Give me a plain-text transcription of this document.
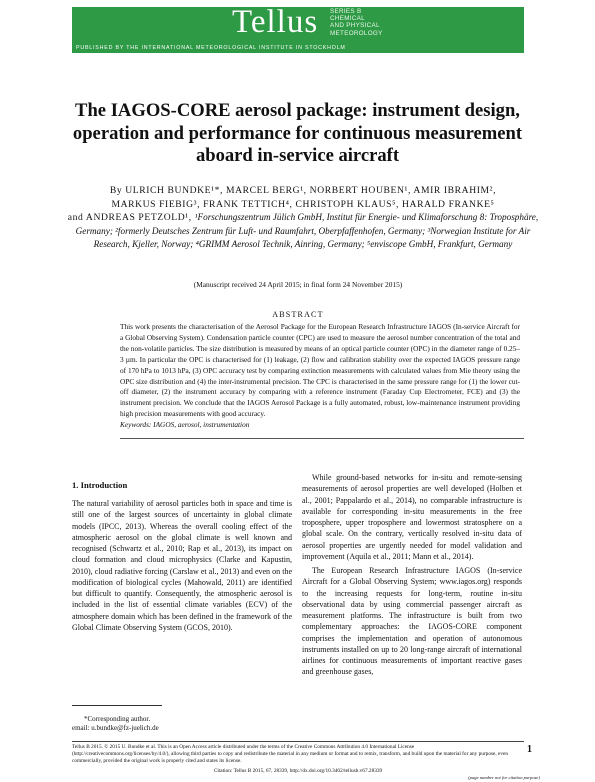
Tellus	SERIES B
CHEMICAL
AND PHYSICAL
METEOROLOGY
PUBLISHED BY THE INTERNATIONAL METEOROLOGICAL INSTITUTE IN STOCKHOLM
The IAGOS-CORE aerosol package: instrument design, operation and performance for continuous measurement aboard in-service aircraft
By ULRICH BUNDKE¹*, MARCEL BERG¹, NORBERT HOUBEN¹, AMIR IBRAHIM²,
MARKUS FIEBIG³, FRANK TETTICH⁴, CHRISTOPH KLAUS⁵, HARALD FRANKE⁵
and ANDREAS PETZOLD¹, ¹Forschungszentrum Jülich GmbH, Institut für Energie- und Klimaforschung 8: Troposphäre, Germany; ²formerly Deutsches Zentrum für Luft- und Raumfahrt, Oberpfaffenhofen, Germany; ³Norwegian Institute for Air Research, Kjeller, Norway; ⁴GRIMM Aerosol Technik, Ainring, Germany; ⁵enviscope GmbH, Frankfurt, Germany
(Manuscript received 24 April 2015; in final form 24 November 2015)
ABSTRACT
This work presents the characterisation of the Aerosol Package for the European Research Infrastructure IAGOS (In-service Aircraft for a Global Observing System). Condensation particle counter (CPC) are used to measure the aerosol number concentration of the total and the non-volatile particles. The size distribution is measured by means of an optical particle counter (OPC) in the diameter range of 0.25–3 µm. In particular the OPC is characterised for (1) leakage, (2) flow and calibration stability over the expected IAGOS pressure range of 170 hPa to 1013 hPa, (3) OPC accuracy test by comparing extinction measurements with calculated values from Mie theory using the OPC size distribution and (4) the inter-instrumental precision. The CPC is characterised in the same pressure range for (1) the lower cut-off diameter, (2) the instrument accuracy by comparing with a reference instrument (Faraday Cup Electrometer, FCE) and (3) the instrument precision. We conclude that the IAGOS Aerosol Package is a fully automated, robust, low-maintenance instrument providing high precision measurements with good accuracy.
Keywords: IAGOS, aerosol, instrumentation
1. Introduction

The natural variability of aerosol particles both in space and time is still one of the largest sources of uncertainty in global climate models (IPCC, 2013). Whereas the overall cooling effect of the atmospheric aerosol on the global climate is well known and recognised (Schwartz et al., 2010; Rap et al., 2013), its impact on cloud formation and cloud microphysics (Clarke and Kapustin, 2010), cloud radiative forcing (Carslaw et al., 2013) and even on the modification of biological cycles (Mahowald, 2011) are identified but difficult to quantify. Consequently, the atmospheric aerosol is included in the list of essential climate variables (ECV) of the atmosphere domain which has been defined in the framework of the Global Climate Observing System (GCOS, 2010).

While ground-based networks for in-situ and remote-sensing measurements of aerosol properties are well developed (Holben et al., 2001; Pappalardo et al., 2014), no comparable infrastructure is available for corresponding in-situ measurements in the free troposphere, upper troposphere and lowermost stratosphere on a global scale. On the contrary, vertically resolved in-situ data of aerosol properties are urgently needed for model validation and improvement (Aquila et al., 2011; Mann et al., 2014).

The European Research Infrastructure IAGOS (In-service Aircraft for a Global Observing System; www.iagos.org) responds to the increasing requests for long-term, routine in-situ observational data by using commercial passenger aircraft as measurement platforms. The infrastructure is built from two complementary approaches: the IAGOS-CORE component comprises the implementation and operation of autonomous instruments installed on up to 20 long-range aircraft of international airlines for continuous measurements of important reactive gases and greenhouse gases,

*Corresponding author.
email: u.bundke@fz-juelich.de
Tellus B 2015. © 2015 U. Bundke et al. This is an Open Access article distributed under the terms of the Creative Commons Attribution 4.0 International License (http://creativecommons.org/licenses/by/4.0/), allowing third parties to copy and redistribute the material in any medium or format and to remix, transform, and build upon the material for any purpose, even commercially, provided the original work is properly cited and states its license.
1
Citation: Tellus B 2015, 67, 28339, http://dx.doi.org/10.3402/tellusb.v67.28339
(page number not for citation purpose)
